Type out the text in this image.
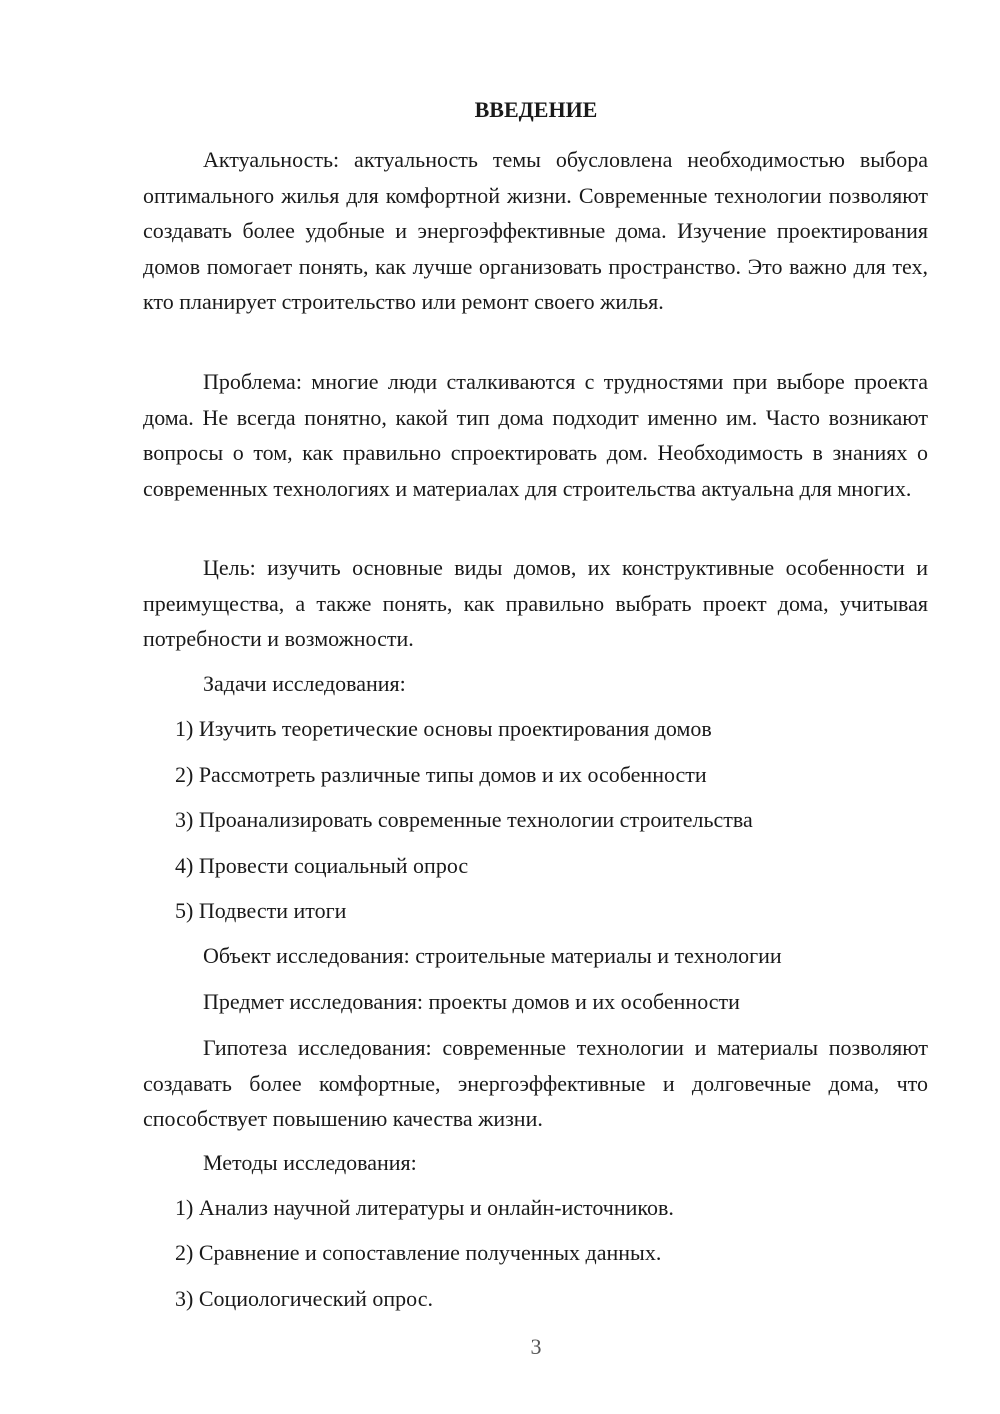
ВВЕДЕНИЕ

Актуальность: актуальность темы обусловлена необходимостью выбора оптимального жилья для комфортной жизни. Современные технологии позволяют создавать более удобные и энергоэффективные дома. Изучение проектирования домов помогает понять, как лучше организовать пространство. Это важно для тех, кто планирует строительство или ремонт своего жилья.

Проблема: многие люди сталкиваются с трудностями при выборе проекта дома. Не всегда понятно, какой тип дома подходит именно им. Часто возникают вопросы о том, как правильно спроектировать дом. Необходимость в знаниях о современных технологиях и материалах для строительства актуальна для многих.

Цель: изучить основные виды домов, их конструктивные особенности и преимущества, а также понять, как правильно выбрать проект дома, учитывая потребности и возможности.

Задачи исследования:
1) Изучить теоретические основы проектирования домов
2) Рассмотреть различные типы домов и их особенности
3) Проанализировать современные технологии строительства
4) Провести социальный опрос
5) Подвести итоги
Объект исследования: строительные материалы и технологии
Предмет исследования: проекты домов и их особенности

Гипотеза исследования: современные технологии и материалы позволяют создавать более комфортные, энергоэффективные и долговечные дома, что способствует повышению качества жизни.

Методы исследования:
1) Анализ научной литературы и онлайн-источников.
2) Сравнение и сопоставление полученных данных.
3) Социологический опрос.
3
